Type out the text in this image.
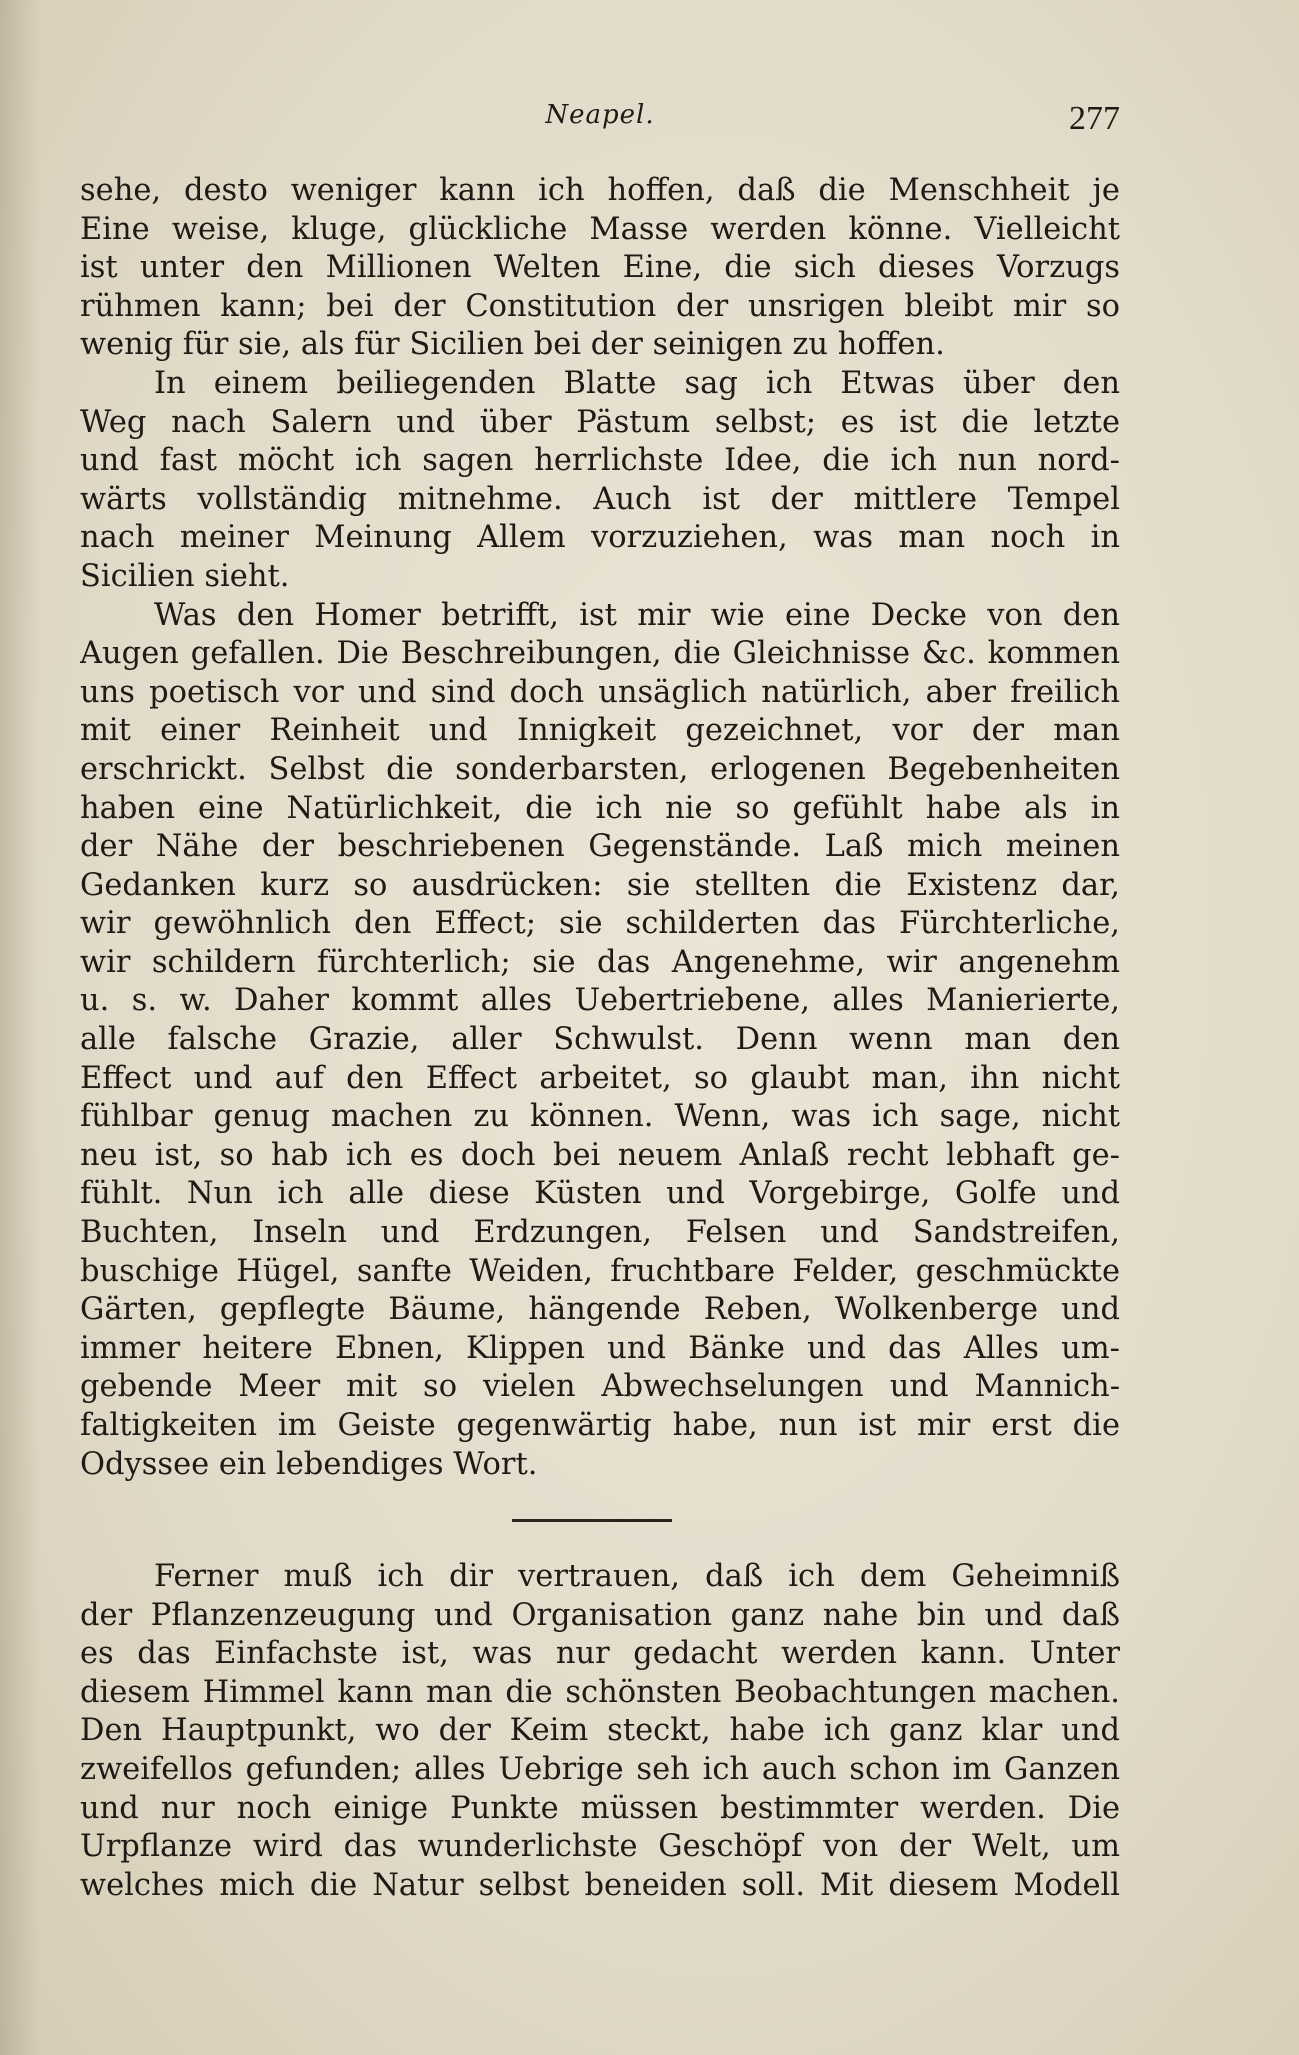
Neapel.	277
sehe, desto weniger kann ich hoffen, daß die Menschheit je
Eine weise, kluge, glückliche Masse werden könne. Vielleicht
ist unter den Millionen Welten Eine, die sich dieses Vorzugs
rühmen kann; bei der Constitution der unsrigen bleibt mir so
wenig für sie, als für Sicilien bei der seinigen zu hoffen.
In einem beiliegenden Blatte sag ich Etwas über den
Weg nach Salern und über Pästum selbst; es ist die letzte
und fast möcht ich sagen herrlichste Idee, die ich nun nord-
wärts vollständig mitnehme. Auch ist der mittlere Tempel
nach meiner Meinung Allem vorzuziehen, was man noch in
Sicilien sieht.
Was den Homer betrifft, ist mir wie eine Decke von den
Augen gefallen. Die Beschreibungen, die Gleichnisse &c. kommen
uns poetisch vor und sind doch unsäglich natürlich, aber freilich
mit einer Reinheit und Innigkeit gezeichnet, vor der man
erschrickt. Selbst die sonderbarsten, erlogenen Begebenheiten
haben eine Natürlichkeit, die ich nie so gefühlt habe als in
der Nähe der beschriebenen Gegenstände. Laß mich meinen
Gedanken kurz so ausdrücken: sie stellten die Existenz dar,
wir gewöhnlich den Effect; sie schilderten das Fürchterliche,
wir schildern fürchterlich; sie das Angenehme, wir angenehm
u. s. w. Daher kommt alles Uebertriebene, alles Manierierte,
alle falsche Grazie, aller Schwulst. Denn wenn man den
Effect und auf den Effect arbeitet, so glaubt man, ihn nicht
fühlbar genug machen zu können. Wenn, was ich sage, nicht
neu ist, so hab ich es doch bei neuem Anlaß recht lebhaft ge-
fühlt. Nun ich alle diese Küsten und Vorgebirge, Golfe und
Buchten, Inseln und Erdzungen, Felsen und Sandstreifen,
buschige Hügel, sanfte Weiden, fruchtbare Felder, geschmückte
Gärten, gepflegte Bäume, hängende Reben, Wolkenberge und
immer heitere Ebnen, Klippen und Bänke und das Alles um-
gebende Meer mit so vielen Abwechselungen und Mannich-
faltigkeiten im Geiste gegenwärtig habe, nun ist mir erst die
Odyssee ein lebendiges Wort.
Ferner muß ich dir vertrauen, daß ich dem Geheimniß
der Pflanzenzeugung und Organisation ganz nahe bin und daß
es das Einfachste ist, was nur gedacht werden kann. Unter
diesem Himmel kann man die schönsten Beobachtungen machen.
Den Hauptpunkt, wo der Keim steckt, habe ich ganz klar und
zweifellos gefunden; alles Uebrige seh ich auch schon im Ganzen
und nur noch einige Punkte müssen bestimmter werden. Die
Urpflanze wird das wunderlichste Geschöpf von der Welt, um
welches mich die Natur selbst beneiden soll. Mit diesem Modell
